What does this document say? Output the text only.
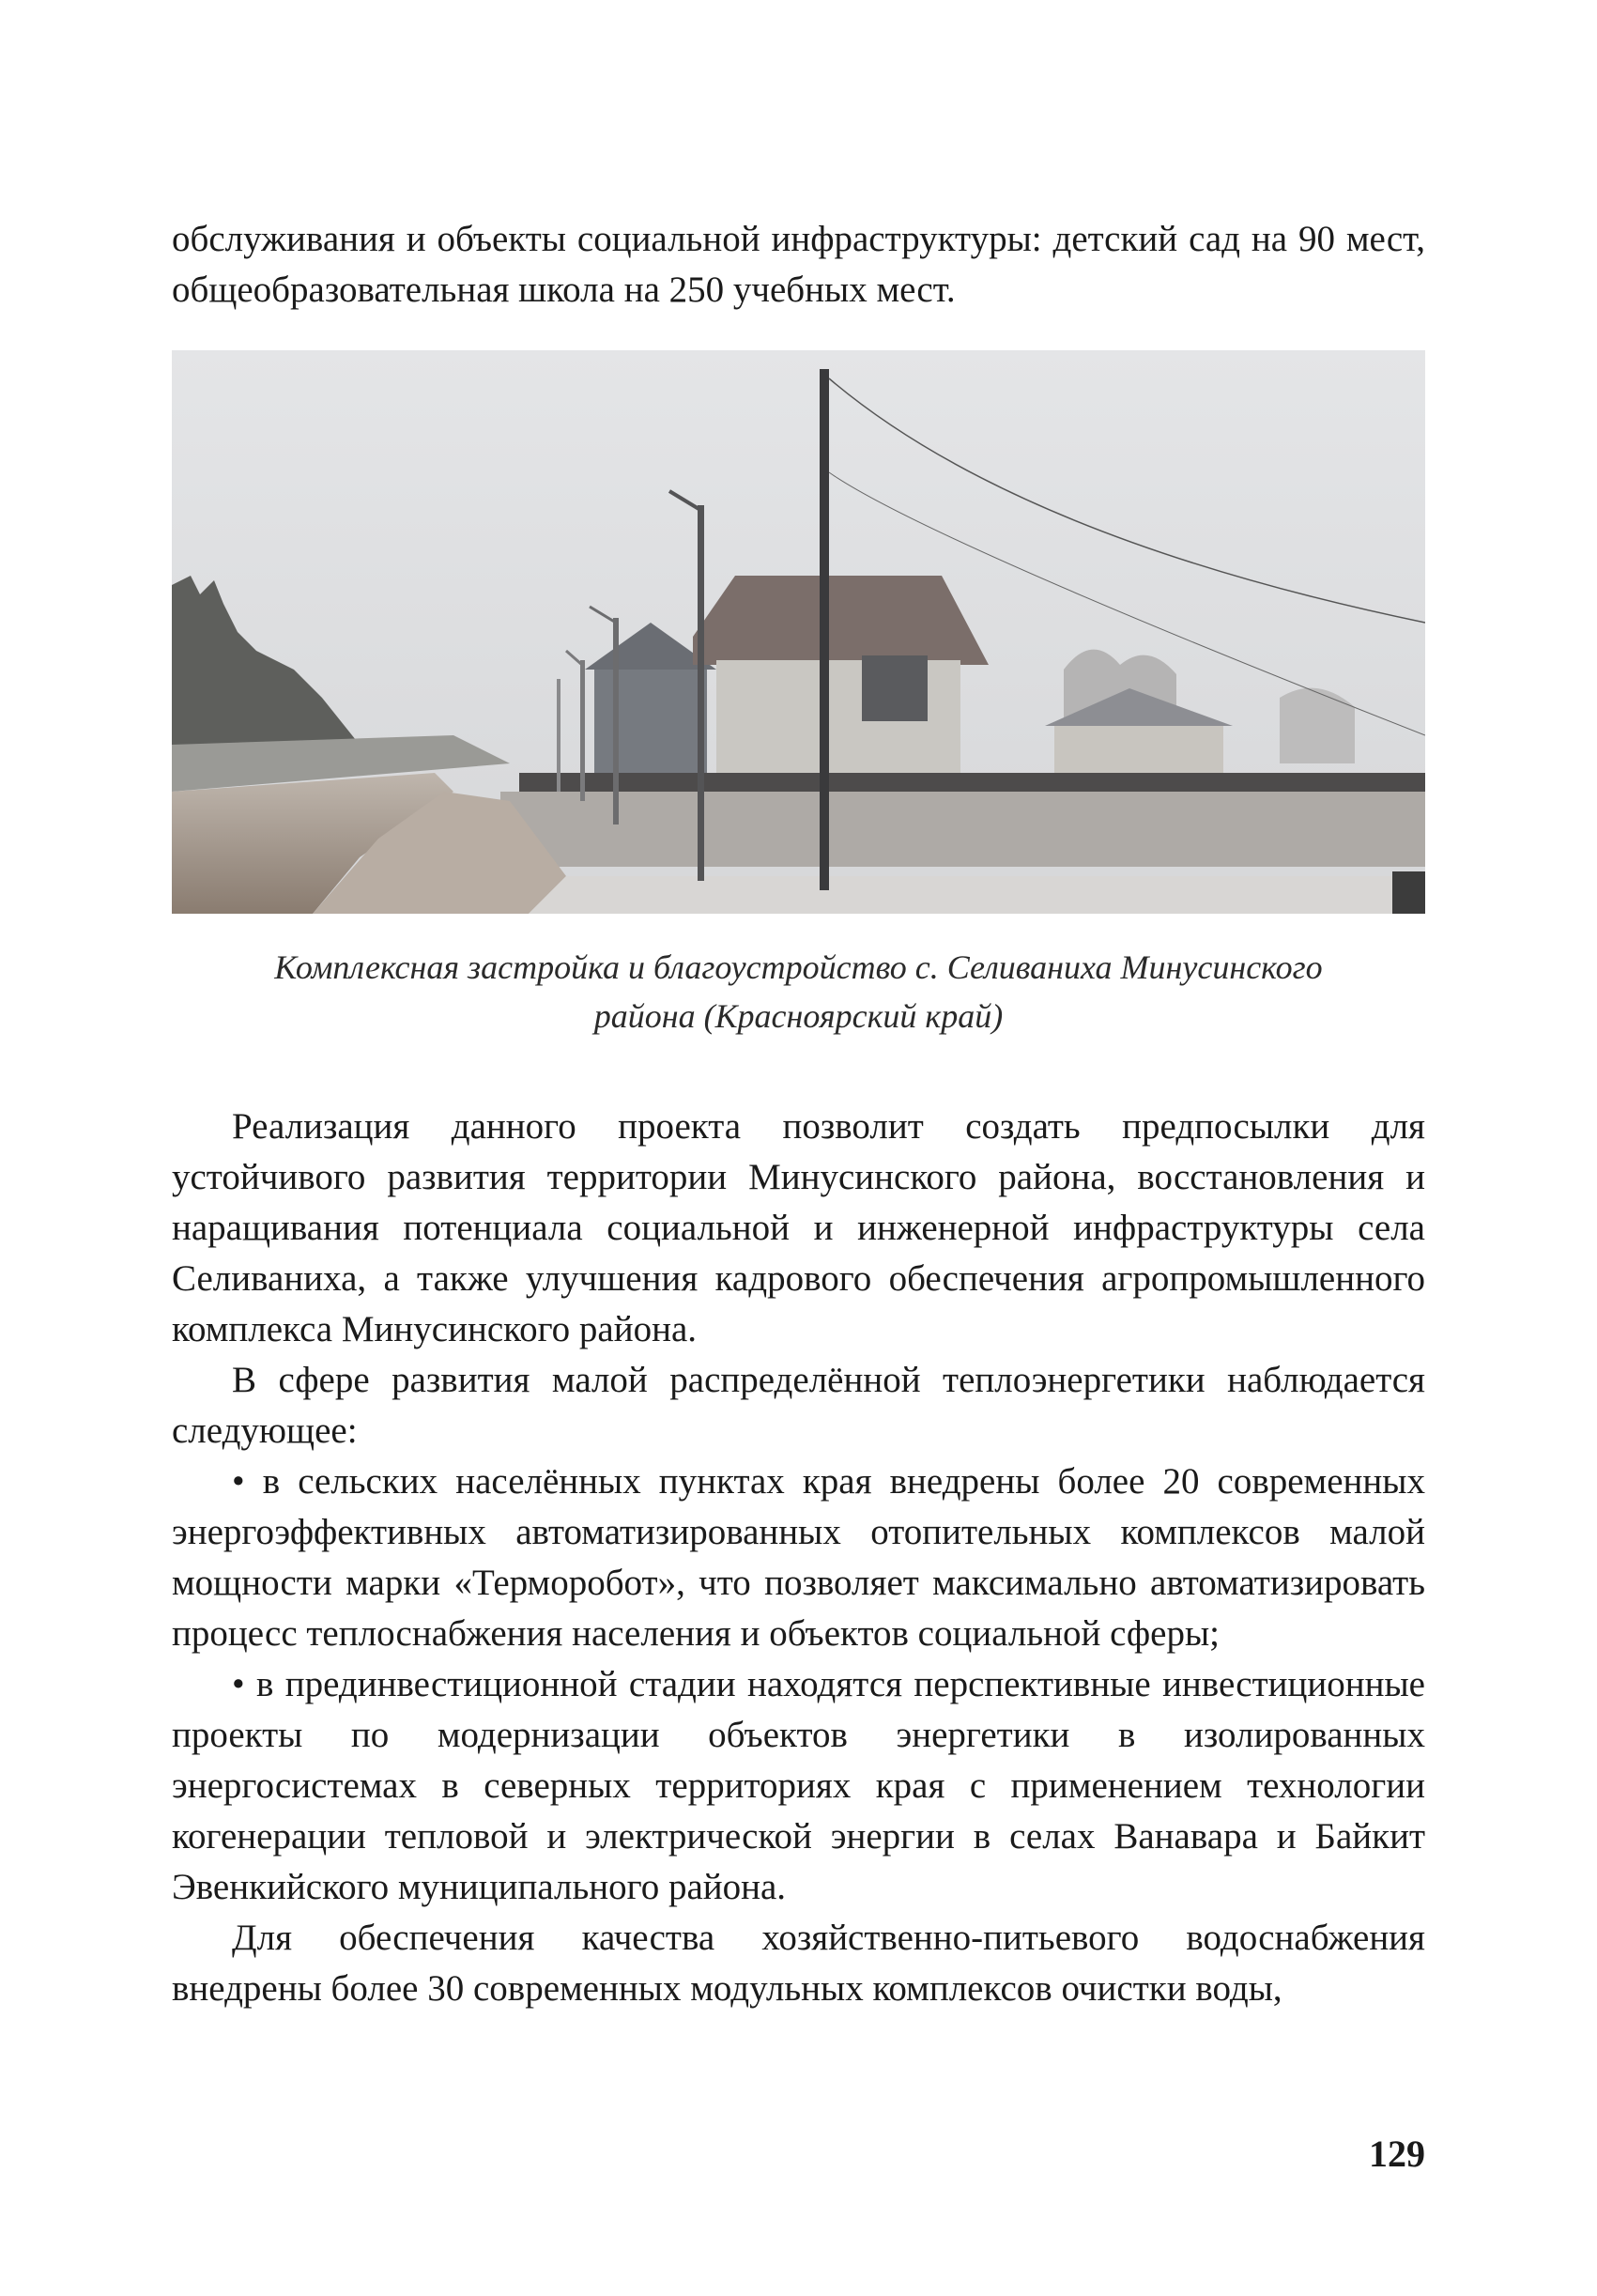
обслуживания и объекты социальной инфраструктуры: детский сад на 90 мест, общеобразовательная школа на 250 учебных мест.

Комплексная застройка и благоустройство с. Селиваниха Минусинского
района (Красноярский край)

Реализация данного проекта позволит создать предпосылки для устойчивого развития территории Минусинского района, восстановления и наращивания потенциала социальной и инженерной инфраструктуры села Селиваниха, а также улучшения кадрового обеспечения агропромышленного комплекса Минусинского района.

В сфере развития малой распределённой теплоэнергетики наблюдается следующее:

• в сельских населённых пунктах края внедрены более 20 современных энергоэффективных автоматизированных отопительных комплексов малой мощности марки «Терморобот», что позволяет максимально автоматизировать процесс теплоснабжения населения и объектов социальной сферы;

• в прединвестиционной стадии находятся перспективные инвестиционные проекты по модернизации объектов энергетики в изолированных энергосистемах в северных территориях края с применением технологии когенерации тепловой и электрической энергии в селах Ванавара и Байкит Эвенкийского муниципального района.

Для обеспечения качества хозяйственно-питьевого водоснабжения внедрены более 30 современных модульных комплексов очистки воды,

129
